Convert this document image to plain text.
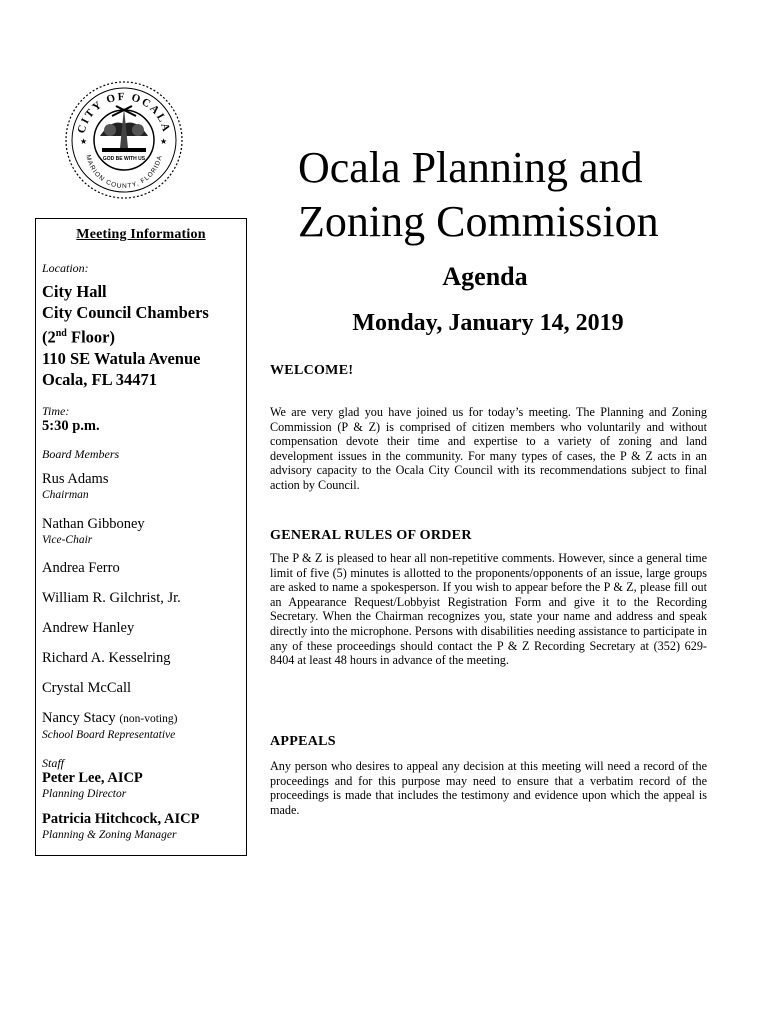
CITY OF OCALA
MARION COUNTY, FLORIDA
GOD BE WITH US
★	★
Meeting Information
Location:
City Hall
City Council Chambers
(2nd Floor)
110 SE Watula Avenue
Ocala, FL 34471
Time:
5:30 p.m.
Board Members
Rus Adams
Chairman
Nathan Gibboney
Vice-Chair
Andrea Ferro
William R. Gilchrist, Jr.
Andrew Hanley
Richard A. Kesselring
Crystal McCall
Nancy Stacy (non-voting)
School Board Representative
Staff
Peter Lee, AICP
Planning Director
Patricia Hitchcock, AICP
Planning & Zoning Manager
Ocala Planning and
Zoning Commission
Agenda
Monday, January 14, 2019
WELCOME!
We are very glad you have joined us for today’s meeting. The Planning and Zoning Commission (P & Z) is comprised of citizen members who voluntarily and without compensation devote their time and expertise to a variety of zoning and land development issues in the community. For many types of cases, the P & Z acts in an advisory capacity to the Ocala City Council with its recommendations subject to final action by Council.
GENERAL RULES OF ORDER
The P & Z is pleased to hear all non-repetitive comments. However, since a general time limit of five (5) minutes is allotted to the proponents/opponents of an issue, large groups are asked to name a spokesperson. If you wish to appear before the P & Z, please fill out an Appearance Request/Lobbyist Registration Form and give it to the Recording Secretary. When the Chairman recognizes you, state your name and address and speak directly into the microphone. Persons with disabilities needing assistance to participate in any of these proceedings should contact the P & Z Recording Secretary at (352) 629-8404 at least 48 hours in advance of the meeting.
APPEALS
Any person who desires to appeal any decision at this meeting will need a record of the proceedings and for this purpose may need to ensure that a verbatim record of the proceedings is made that includes the testimony and evidence upon which the appeal is made.
